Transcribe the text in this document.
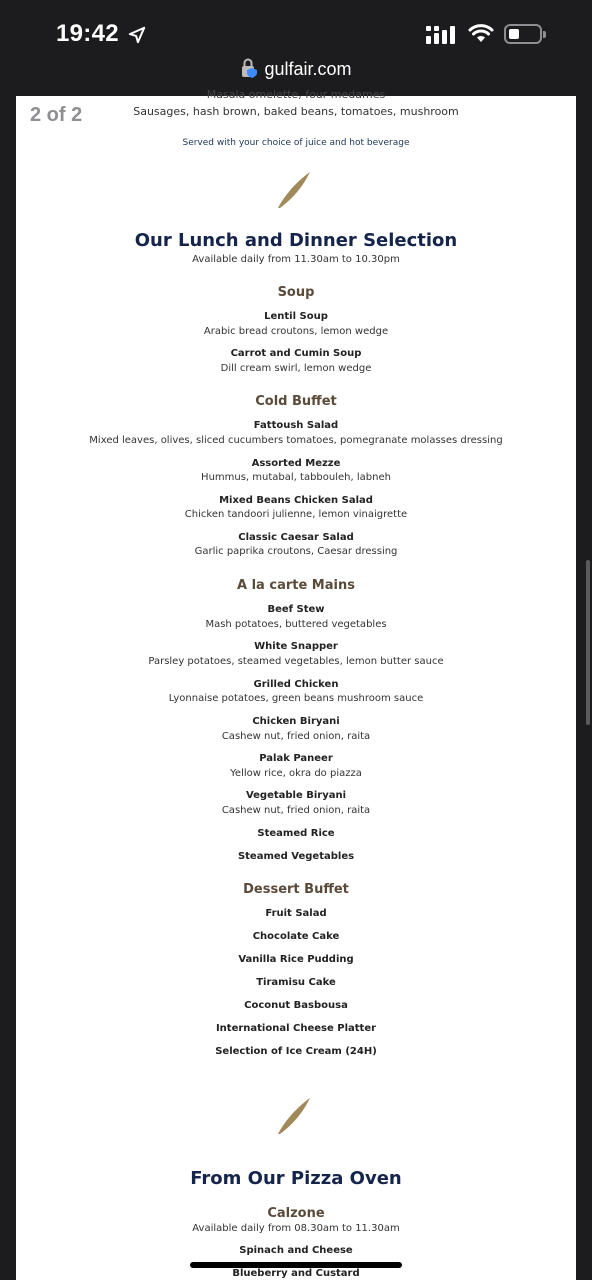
19:42
gulfair.com
Masala omelette, four medames
Sausages, hash brown, baked beans, tomatoes, mushroom
Served with your choice of juice and hot beverage
Our Lunch and Dinner Selection
Available daily from 11.30am to 10.30pm
Soup
Lentil Soup
Arabic bread croutons, lemon wedge
Carrot and Cumin Soup
Dill cream swirl, lemon wedge
Cold Buffet
Fattoush Salad
Mixed leaves, olives, sliced cucumbers tomatoes, pomegranate molasses dressing
Assorted Mezze
Hummus, mutabal, tabbouleh, labneh
Mixed Beans Chicken Salad
Chicken tandoori julienne, lemon vinaigrette
Classic Caesar Salad
Garlic paprika croutons, Caesar dressing
A la carte Mains
Beef Stew
Mash potatoes, buttered vegetables
White Snapper
Parsley potatoes, steamed vegetables, lemon butter sauce
Grilled Chicken
Lyonnaise potatoes, green beans mushroom sauce
Chicken Biryani
Cashew nut, fried onion, raita
Palak Paneer
Yellow rice, okra do piazza
Vegetable Biryani
Cashew nut, fried onion, raita
Steamed Rice
Steamed Vegetables
Dessert Buffet
Fruit Salad
Chocolate Cake
Vanilla Rice Pudding
Tiramisu Cake
Coconut Basbousa
International Cheese Platter
Selection of Ice Cream (24H)
From Our Pizza Oven
Calzone
Available daily from 08.30am to 11.30am
Spinach and Cheese
Blueberry and Custard
2 of 2
